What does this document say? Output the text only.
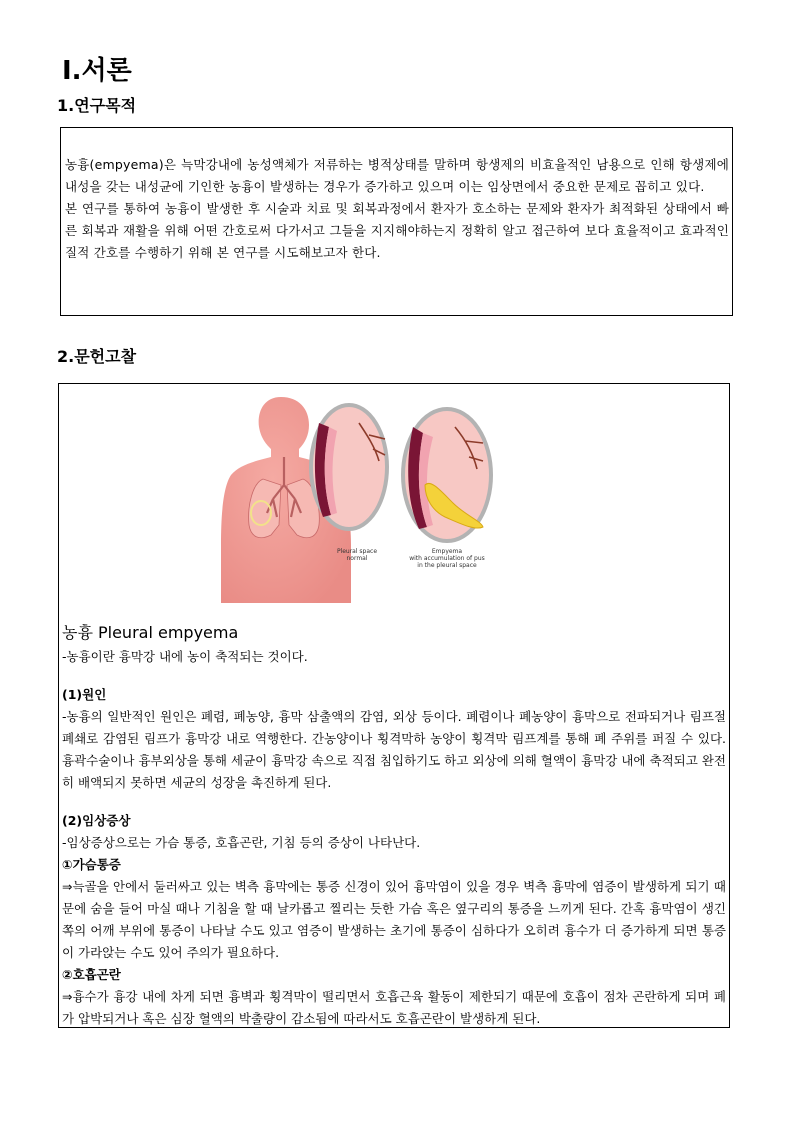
Ⅰ.서론
1.연구목적

농흉(empyema)은 늑막강내에 농성액체가 저류하는 병적상태를 말하며 항생제의 비효율적인 남용으로 인해 항생제에 내성을 갖는 내성균에 기인한 농흉이 발생하는 경우가 증가하고 있으며 이는 임상면에서 중요한 문제로 꼽히고 있다.

본 연구를 통하여 농흉이 발생한 후 시술과 치료 및 회복과정에서 환자가 호소하는 문제와 환자가 최적화된 상태에서 빠른 회복과 재활을 위해 어떤 간호로써 다가서고 그들을 지지해야하는지 정확히 알고 접근하여 보다 효율적이고 효과적인 질적 간호를 수행하기 위해 본 연구를 시도해보고자 한다.

2.문헌고찰
Pleural space
normal
Empyema
with accumulation of pus
in the pleural space
농흉 Pleural empyema

-농흉이란 흉막강 내에 농이 축적되는 것이다.

(1)원인

-농흉의 일반적인 원인은 폐렴, 폐농양, 흉막 삼출액의 감염, 외상 등이다. 폐렴이나 폐농양이 흉막으로 전파되거나 림프절 폐쇄로 감염된 림프가 흉막강 내로 역행한다. 간농양이나 횡격막하 농양이 횡격막 림프계를 통해 폐 주위를 퍼질 수 있다. 흉곽수술이나 흉부외상을 통해 세균이 흉막강 속으로 직접 침입하기도 하고 외상에 의해 혈액이 흉막강 내에 축적되고 완전히 배액되지 못하면 세균의 성장을 촉진하게 된다.

(2)임상증상

-임상증상으로는 가슴 통증, 호흡곤란, 기침 등의 증상이 나타난다.

①가슴통증

⇒늑골을 안에서 둘러싸고 있는 벽측 흉막에는 통증 신경이 있어 흉막염이 있을 경우 벽측 흉막에 염증이 발생하게 되기 때문에 숨을 들어 마실 때나 기침을 할 때 날카롭고 찔리는 듯한 가슴 혹은 옆구리의 통증을 느끼게 된다. 간혹 흉막염이 생긴 쪽의 어깨 부위에 통증이 나타날 수도 있고 염증이 발생하는 초기에 통증이 심하다가 오히려 흉수가 더 증가하게 되면 통증이 가라앉는 수도 있어 주의가 필요하다.

②호흡곤란

⇒흉수가 흉강 내에 차게 되면 흉벽과 횡격막이 떨리면서 호흡근육 활동이 제한되기 때문에 호흡이 점차 곤란하게 되며 폐가 압박되거나 혹은 심장 혈액의 박출량이 감소됨에 따라서도 호흡곤란이 발생하게 된다.
